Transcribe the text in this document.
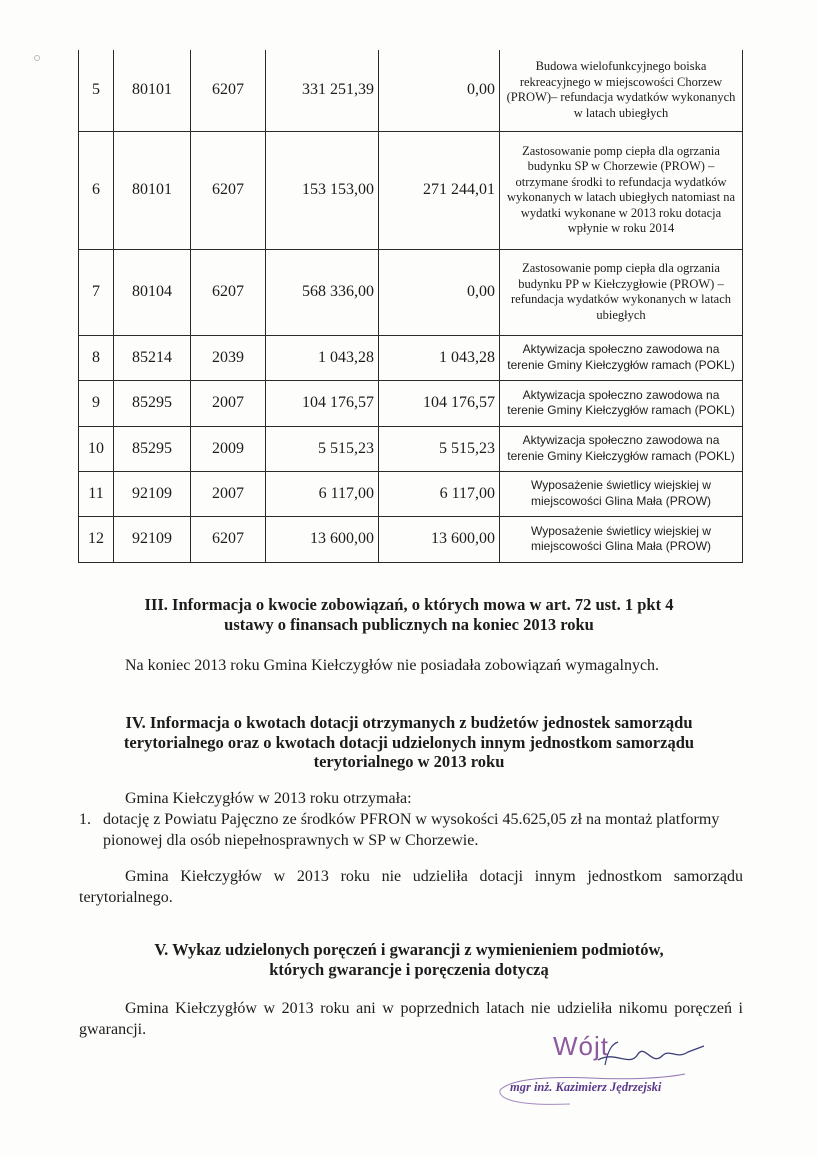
5	80101	6207	331 251,39	0,00	Budowa wielofunkcyjnego boiska rekreacyjnego w miejscowości Chorzew (PROW)– refundacja wydatków wykonanych w latach ubiegłych
6	80101	6207	153 153,00	271 244,01	Zastosowanie pomp ciepła dla ogrzania budynku SP w Chorzewie (PROW) – otrzymane środki to refundacja wydatków wykonanych w latach ubiegłych natomiast na wydatki wykonane w 2013 roku dotacja wpłynie w roku 2014
7	80104	6207	568 336,00	0,00	Zastosowanie pomp ciepła dla ogrzania budynku PP w Kiełczygłowie (PROW) – refundacja wydatków wykonanych w latach ubiegłych
8	85214	2039	1 043,28	1 043,28	Aktywizacja społeczno zawodowa na terenie Gminy Kiełczygłów ramach (POKL)
9	85295	2007	104 176,57	104 176,57	Aktywizacja społeczno zawodowa na terenie Gminy Kiełczygłów ramach (POKL)
10	85295	2009	5 515,23	5 515,23	Aktywizacja społeczno zawodowa na terenie Gminy Kiełczygłów ramach (POKL)
11	92109	2007	6 117,00	6 117,00	Wyposażenie świetlicy wiejskiej w miejscowości Glina Mała (PROW)
12	92109	6207	13 600,00	13 600,00	Wyposażenie świetlicy wiejskiej w miejscowości Glina Mała (PROW)
III. Informacja o kwocie zobowiązań, o których mowa w art. 72 ust. 1 pkt 4
ustawy o finansach publicznych na koniec 2013 roku
Na koniec 2013 roku Gmina Kiełczygłów nie posiadała zobowiązań wymagalnych.
IV. Informacja o kwotach dotacji otrzymanych z budżetów jednostek samorządu
terytorialnego oraz o kwotach dotacji udzielonych innym jednostkom samorządu
terytorialnego w 2013 roku
Gmina Kiełczygłów w 2013 roku otrzymała:
1. dotację z Powiatu Pajęczno ze środków PFRON w wysokości 45.625,05 zł na montaż platformy
pionowej dla osób niepełnosprawnych w SP w Chorzewie.
Gmina Kiełczygłów w 2013 roku nie udzieliła dotacji innym jednostkom samorządu terytorialnego.
V. Wykaz udzielonych poręczeń i gwarancji z wymienieniem podmiotów,
których gwarancje i poręczenia dotyczą
Gmina Kiełczygłów w 2013 roku ani w poprzednich latach nie udzieliła nikomu poręczeń i gwarancji.
Wójt
mgr inż. Kazimierz Jędrzejski
